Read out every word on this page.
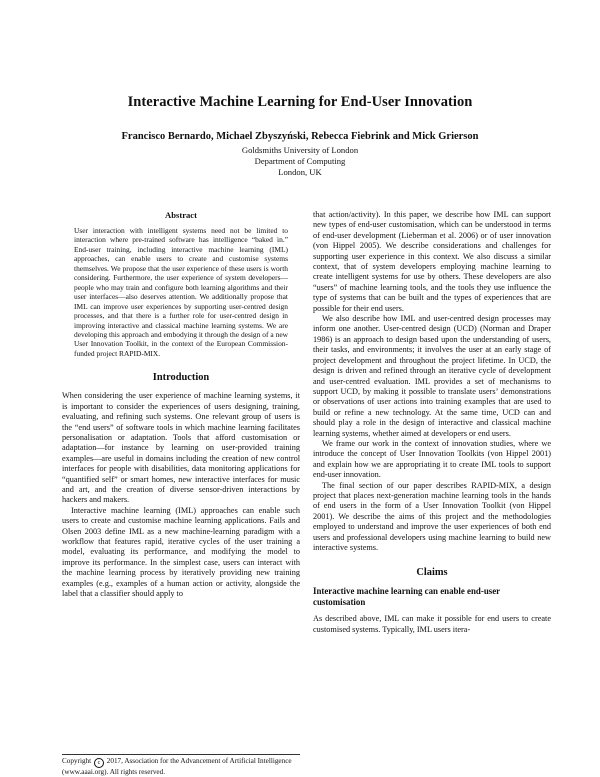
Interactive Machine Learning for End-User Innovation
Francisco Bernardo, Michael Zbyszyński, Rebecca Fiebrink and Mick Grierson
Goldsmiths University of London
Department of Computing
London, UK
Abstract

User interaction with intelligent systems need not be limited to interaction where pre-trained software has intelligence “baked in.” End-user training, including interactive machine learning (IML) approaches, can enable users to create and customise systems themselves. We propose that the user experience of these users is worth considering. Furthermore, the user experience of system developers—people who may train and configure both learning algorithms and their user interfaces—also deserves attention. We additionally propose that IML can improve user experiences by supporting user-centred design processes, and that there is a further role for user-centred design in improving interactive and classical machine learning systems. We are developing this approach and embodying it through the design of a new User Innovation Toolkit, in the context of the European Commission-funded project RAPID-MIX.

Introduction

When considering the user experience of machine learning systems, it is important to consider the experiences of users designing, training, evaluating, and refining such systems. One relevant group of users is the “end users” of software tools in which machine learning facilitates personalisation or adaptation. Tools that afford customisation or adaptation—for instance by learning on user-provided training examples—are useful in domains including the creation of new control interfaces for people with disabilities, data monitoring applications for “quantified self” or smart homes, new interactive interfaces for music and art, and the creation of diverse sensor-driven interactions by hackers and makers.

Interactive machine learning (IML) approaches can enable such users to create and customise machine learning applications. Fails and Olsen 2003 define IML as a new machine-learning paradigm with a workflow that features rapid, iterative cycles of the user training a model, evaluating its performance, and modifying the model to improve its performance. In the simplest case, users can interact with the machine learning process by iteratively providing new training examples (e.g., examples of a human action or activity, alongside the label that a classifier should apply to

that action/activity). In this paper, we describe how IML can support new types of end-user customisation, which can be understood in terms of end-user development (Lieberman et al. 2006) or of user innovation (von Hippel 2005). We describe considerations and challenges for supporting user experience in this context. We also discuss a similar context, that of system developers employing machine learning to create intelligent systems for use by others. These developers are also “users” of machine learning tools, and the tools they use influence the type of systems that can be built and the types of experiences that are possible for their end users.

We also describe how IML and user-centred design processes may inform one another. User-centred design (UCD) (Norman and Draper 1986) is an approach to design based upon the understanding of users, their tasks, and environments; it involves the user at an early stage of project development and throughout the project lifetime. In UCD, the design is driven and refined through an iterative cycle of development and user-centred evaluation. IML provides a set of mechanisms to support UCD, by making it possible to translate users’ demonstrations or observations of user actions into training examples that are used to build or refine a new technology. At the same time, UCD can and should play a role in the design of interactive and classical machine learning systems, whether aimed at developers or end users.

We frame our work in the context of innovation studies, where we introduce the concept of User Innovation Toolkits (von Hippel 2001) and explain how we are appropriating it to create IML tools to support end-user innovation.

The final section of our paper describes RAPID-MIX, a design project that places next-generation machine learning tools in the hands of end users in the form of a User Innovation Toolkit (von Hippel 2001). We describe the aims of this project and the methodologies employed to understand and improve the user experiences of both end users and professional developers using machine learning to build new interactive systems.

Claims
Interactive machine learning can enable end-user customisation

As described above, IML can make it possible for end users to create customised systems. Typically, IML users itera-

Copyright c 2017, Association for the Advancement of Artificial Intelligence (www.aaai.org). All rights reserved.
